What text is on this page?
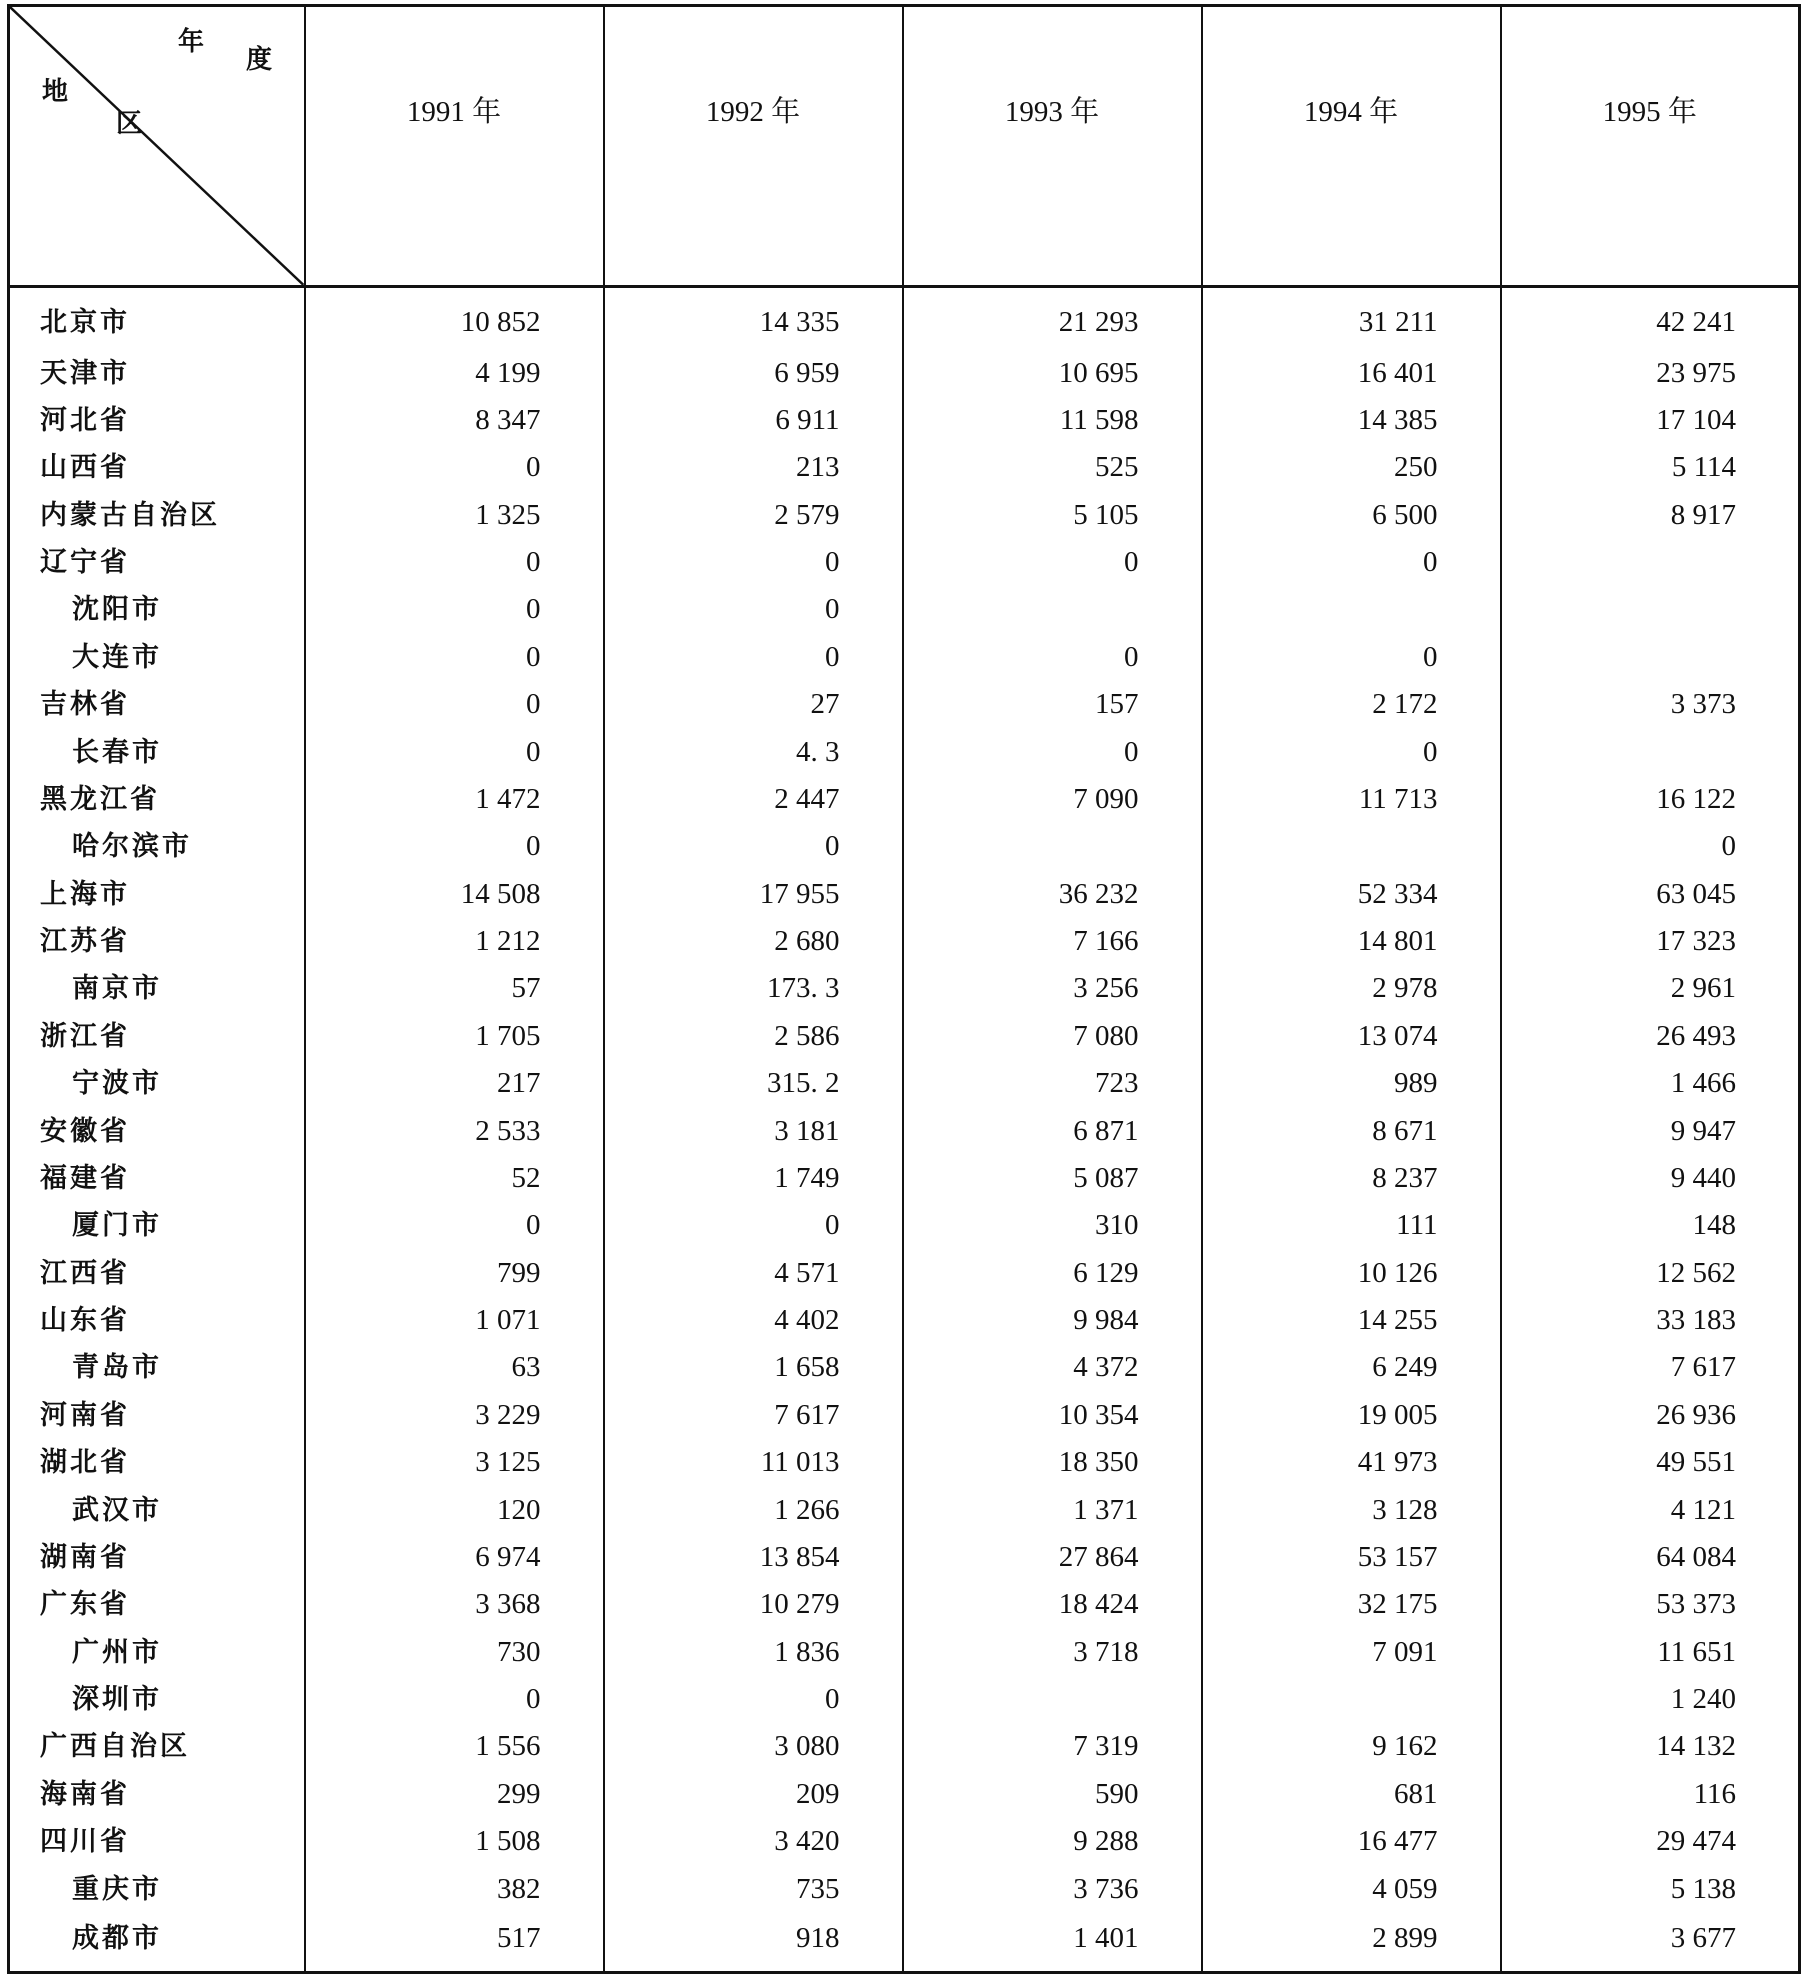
年
度
地
区	1991 年	1992 年	1993 年	1994 年	1995 年
北京市	10 852	14 335	21 293	31 211	42 241
天津市	4 199	6 959	10 695	16 401	23 975
河北省	8 347	6 911	11 598	14 385	17 104
山西省	0	213	525	250	5 114
内蒙古自治区	1 325	2 579	5 105	6 500	8 917
辽宁省	0	0	0	0	
沈阳市	0	0			
大连市	0	0	0	0	
吉林省	0	27	157	2 172	3 373
长春市	0	4. 3	0	0	
黑龙江省	1 472	2 447	7 090	11 713	16 122
哈尔滨市	0	0			0
上海市	14 508	17 955	36 232	52 334	63 045
江苏省	1 212	2 680	7 166	14 801	17 323
南京市	57	173. 3	3 256	2 978	2 961
浙江省	1 705	2 586	7 080	13 074	26 493
宁波市	217	315. 2	723	989	1 466
安徽省	2 533	3 181	6 871	8 671	9 947
福建省	52	1 749	5 087	8 237	9 440
厦门市	0	0	310	111	148
江西省	799	4 571	6 129	10 126	12 562
山东省	1 071	4 402	9 984	14 255	33 183
青岛市	63	1 658	4 372	6 249	7 617
河南省	3 229	7 617	10 354	19 005	26 936
湖北省	3 125	11 013	18 350	41 973	49 551
武汉市	120	1 266	1 371	3 128	4 121
湖南省	6 974	13 854	27 864	53 157	64 084
广东省	3 368	10 279	18 424	32 175	53 373
广州市	730	1 836	3 718	7 091	11 651
深圳市	0	0			1 240
广西自治区	1 556	3 080	7 319	9 162	14 132
海南省	299	209	590	681	116
四川省	1 508	3 420	9 288	16 477	29 474
重庆市	382	735	3 736	4 059	5 138
成都市	517	918	1 401	2 899	3 677
